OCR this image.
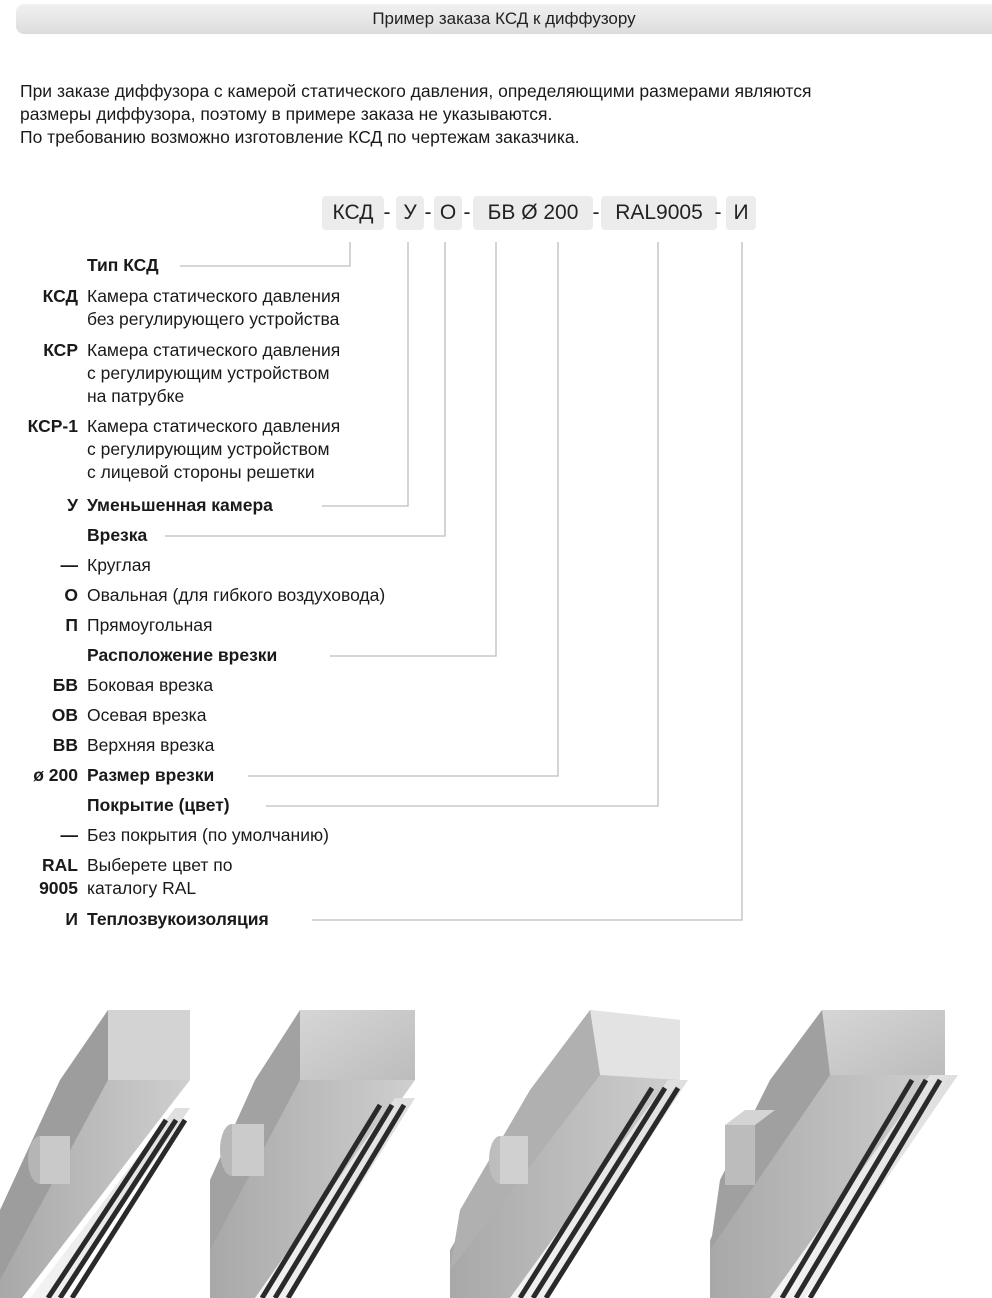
Пример заказа КСД к диффузору

При заказе диффузора с камерой статического давления, определяющими размерами являются

размеры диффузора, поэтому в примере заказа не указываются.

По требованию возможно изготовление КСД по чертежам заказчика.

КСД - У - О - БВ Ø 200 - RAL9005 - И
Тип КСД
КСД Камера статического давления
без регулирующего устройства
КСР Камера статического давления
с регулирующим устройством
на патрубке
КСР-1 Камера статического давления
с регулирующим устройством
с лицевой стороны решетки
У Уменьшенная камера
Врезка
— Круглая
О Овальная (для гибкого воздуховода)
П Прямоугольная
Расположение врезки
БВ Боковая врезка
ОВ Осевая врезка
ВВ Верхняя врезка
ø 200 Размер врезки
Покрытие (цвет)
— Без покрытия (по умолчанию)
RAL
9005
Выберете цвет по
каталогу RAL
И Теплозвукоизоляция
